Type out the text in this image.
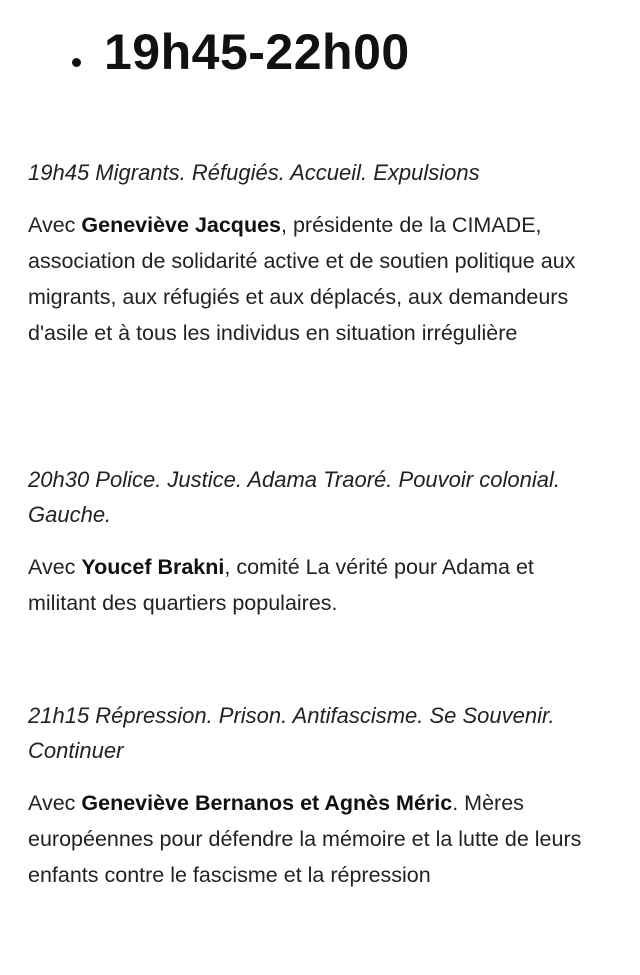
19h45-22h00

19h45 Migrants. Réfugiés. Accueil. Expulsions

Avec Geneviève Jacques, présidente de la CIMADE, association de solidarité active et de soutien politique aux migrants, aux réfugiés et aux déplacés, aux demandeurs d'asile et à tous les individus en situation irrégulière

20h30 Police. Justice. Adama Traoré. Pouvoir colonial. Gauche.

Avec Youcef Brakni, comité La vérité pour Adama et militant des quartiers populaires.

21h15 Répression. Prison. Antifascisme. Se Souvenir. Continuer

Avec Geneviève Bernanos et Agnès Méric. Mères européennes pour défendre la mémoire et la lutte de leurs enfants contre le fascisme et la répression
